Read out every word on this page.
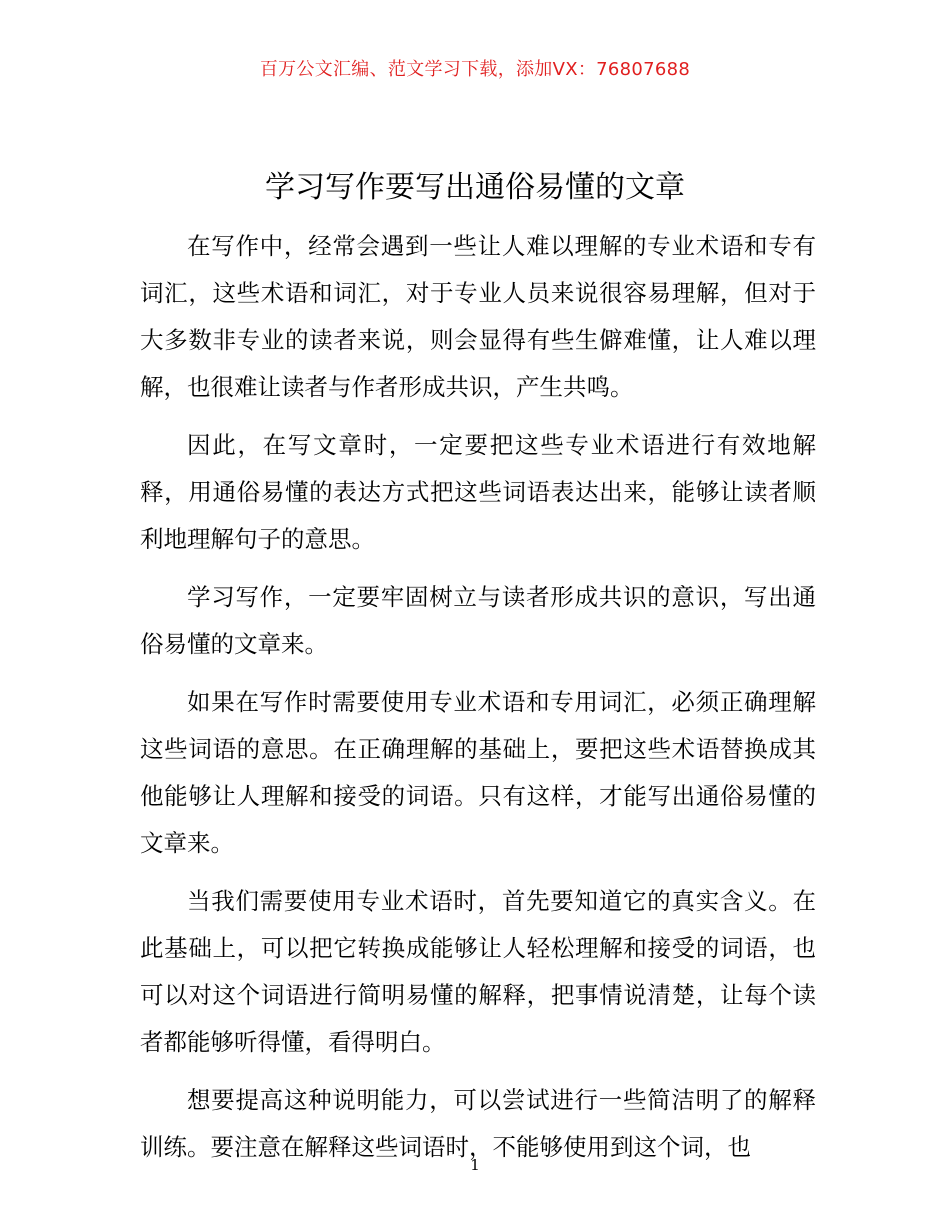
百万公文汇编、范文学习下载，添加VX：76807688
学习写作要写出通俗易懂的文章

在写作中，经常会遇到一些让人难以理解的专业术语和专有词汇，这些术语和词汇，对于专业人员来说很容易理解，但对于大多数非专业的读者来说，则会显得有些生僻难懂，让人难以理解，也很难让读者与作者形成共识，产生共鸣。

因此，在写文章时，一定要把这些专业术语进行有效地解释，用通俗易懂的表达方式把这些词语表达出来，能够让读者顺利地理解句子的意思。

学习写作，一定要牢固树立与读者形成共识的意识，写出通俗易懂的文章来。

如果在写作时需要使用专业术语和专用词汇，必须正确理解这些词语的意思。在正确理解的基础上，要把这些术语替换成其他能够让人理解和接受的词语。只有这样，才能写出通俗易懂的文章来。

当我们需要使用专业术语时，首先要知道它的真实含义。在此基础上，可以把它转换成能够让人轻松理解和接受的词语，也可以对这个词语进行简明易懂的解释，把事情说清楚，让每个读者都能够听得懂，看得明白。

想要提高这种说明能力，可以尝试进行一些简洁明了的解释训练。要注意在解释这些词语时，不能够使用到这个词，也

1
